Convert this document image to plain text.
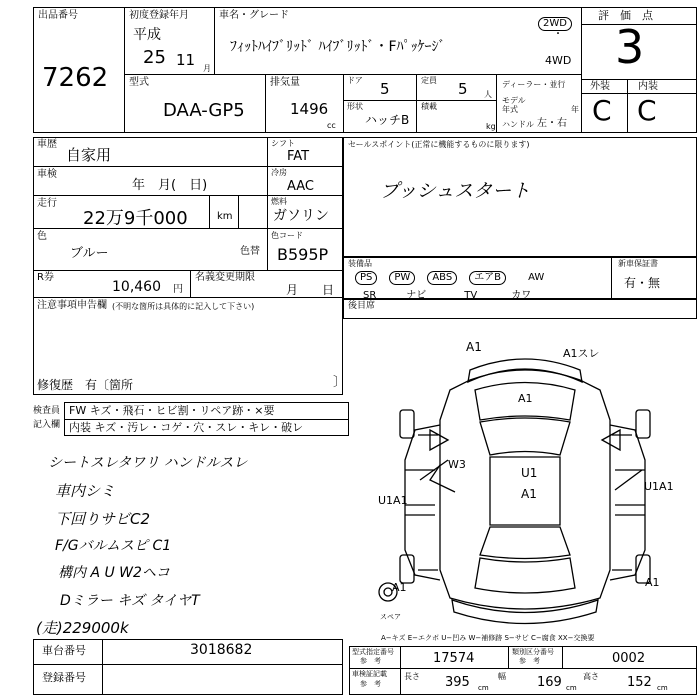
出品番号
7262
初度登録年月
平成
25 11 月
車名・グレード
ﾌｨｯﾄﾊｲﾌﾞﾘｯﾄﾞ ﾊｲﾌﾞﾘｯﾄﾞ・Fﾊﾟｯｹｰｼﾞ
2WD
・
4WD
評　価　点
3
外装	内装
C C
型式
DAA-GP5
排気量
1496
cc
ドア 5
形状
ハッチB
定員 5 人
積載
kg
ディーラー・並行
モデル
年式	年
ハンドル 左・右
車歴
自家用
車検
年　月(　日)
走行
22万9千000	km
色
ブルー	色替
R券
10,460 円
名義変更期限
月　　日
注意事項申告欄 (不明な箇所は具体的に記入して下さい)
修復歴　有〔箇所	〕
シフト
FAT
冷房
AAC
燃料
ガソリン
色コード
B595P
セールスポイント(正常に機能するものに限ります)
プッシュスタート
装備品
PS PW ABS エアB	AW
SR	ナビ	TV	カワ
新車保証書
有・無
後目席
検査員
記入欄
FW キズ・飛石・ヒビ割・リペア跡・×要
内装 キズ・汚レ・コゲ・穴・スレ・キレ・破レ
シートスレタワリ ハンドルスレ
車内シミ
下回りサビC2
F/Gバルムスピ C1
構内 A U W2ヘコ
Dミラー キズ タイヤT
(走)229000k
A1	A1スレ
A1
W3
U1
A1
U1A1
U1A1
A1	A1
スペア
A−キズ E−エクボ U−凹み W−補修跡 S−サビ C−腐食 XX−交換要
車台番号	3018682
登録番号
型式指定番号
参　考	17574	類別区分番号
参　考	0002
車検証記載
参　考
長さ 395 cm
幅 169 cm
高さ 152 cm
